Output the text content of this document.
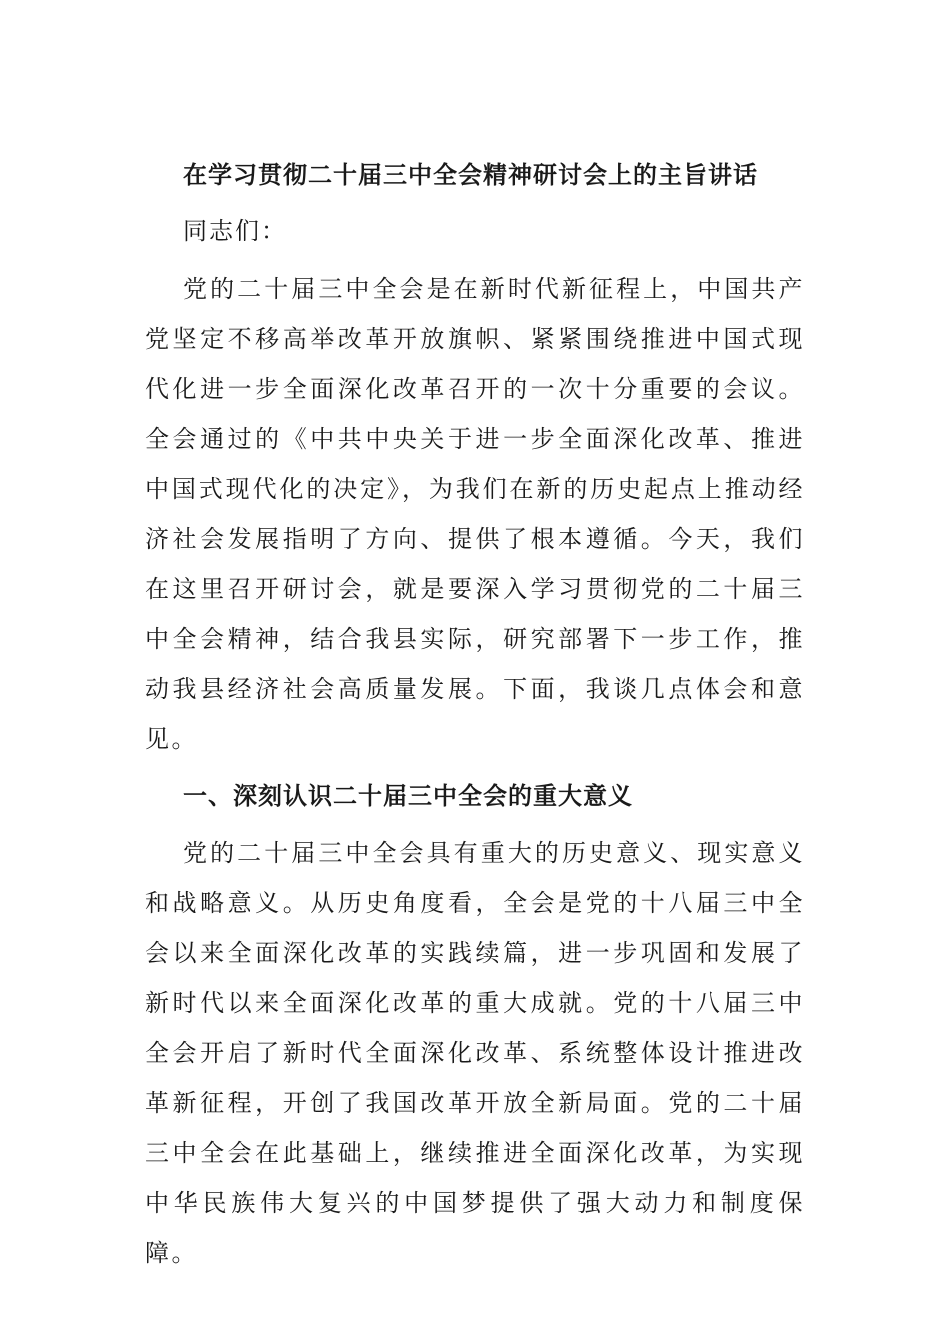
在学习贯彻二十届三中全会精神研讨会上的主旨讲话

同志们：

党的二十届三中全会是在新时代新征程上，中国共产党坚定不移高举改革开放旗帜、紧紧围绕推进中国式现代化进一步全面深化改革召开的一次十分重要的会议。全会通过的《中共中央关于进一步全面深化改革、推进中国式现代化的决定》，为我们在新的历史起点上推动经济社会发展指明了方向、提供了根本遵循。今天，我们在这里召开研讨会，就是要深入学习贯彻党的二十届三中全会精神，结合我县实际，研究部署下一步工作，推动我县经济社会高质量发展。下面，我谈几点体会和意见。

一、深刻认识二十届三中全会的重大意义

党的二十届三中全会具有重大的历史意义、现实意义和战略意义。从历史角度看，全会是党的十八届三中全会以来全面深化改革的实践续篇，进一步巩固和发展了新时代以来全面深化改革的重大成就。党的十八届三中全会开启了新时代全面深化改革、系统整体设计推进改革新征程，开创了我国改革开放全新局面。党的二十届三中全会在此基础上，继续推进全面深化改革，为实现中华民族伟大复兴的中国梦提供了强大动力和制度保障。
